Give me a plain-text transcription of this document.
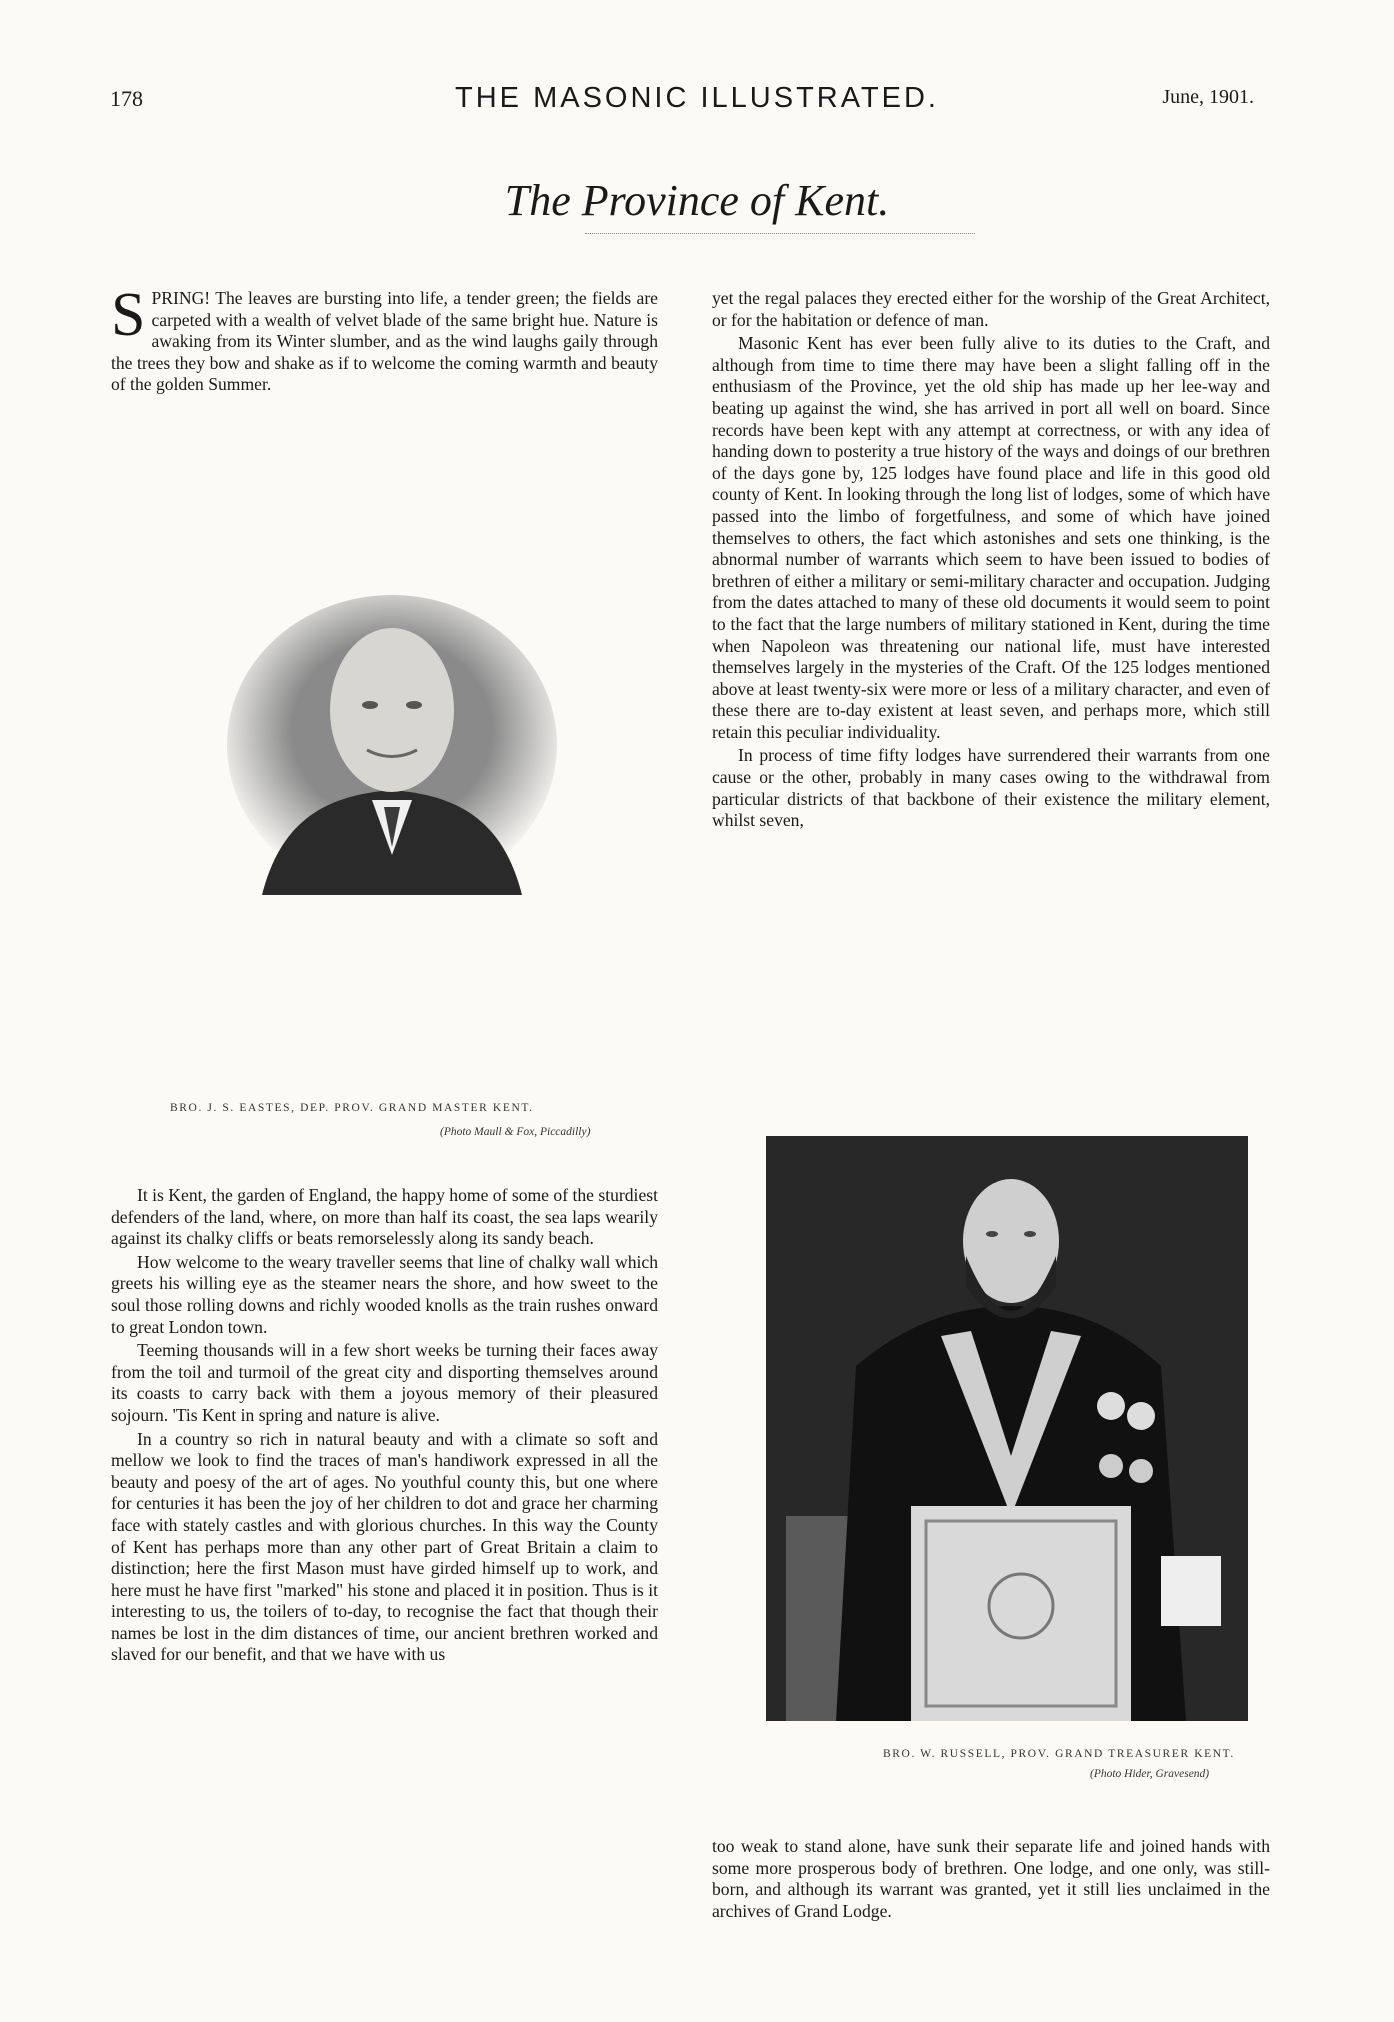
178	THE MASONIC ILLUSTRATED.	June, 1901.
The Province of Kent.

SPRING! The leaves are bursting into life, a tender green; the fields are carpeted with a wealth of velvet blade of the same bright hue. Nature is awaking from its Winter slumber, and as the wind laughs gaily through the trees they bow and shake as if to welcome the coming warmth and beauty of the golden Summer.

BRO. J. S. EASTES, DEP. PROV. GRAND MASTER KENT.
(Photo Maull & Fox, Piccadilly)

It is Kent, the garden of England, the happy home of some of the sturdiest defenders of the land, where, on more than half its coast, the sea laps wearily against its chalky cliffs or beats remorselessly along its sandy beach.

How welcome to the weary traveller seems that line of chalky wall which greets his willing eye as the steamer nears the shore, and how sweet to the soul those rolling downs and richly wooded knolls as the train rushes onward to great London town.

Teeming thousands will in a few short weeks be turning their faces away from the toil and turmoil of the great city and disporting themselves around its coasts to carry back with them a joyous memory of their pleasured sojourn. 'Tis Kent in spring and nature is alive.

In a country so rich in natural beauty and with a climate so soft and mellow we look to find the traces of man's handiwork expressed in all the beauty and poesy of the art of ages. No youthful county this, but one where for centuries it has been the joy of her children to dot and grace her charming face with stately castles and with glorious churches. In this way the County of Kent has perhaps more than any other part of Great Britain a claim to distinction; here the first Mason must have girded himself up to work, and here must he have first "marked" his stone and placed it in position. Thus is it interesting to us, the toilers of to-day, to recognise the fact that though their names be lost in the dim distances of time, our ancient brethren worked and slaved for our benefit, and that we have with us

yet the regal palaces they erected either for the worship of the Great Architect, or for the habitation or defence of man.

Masonic Kent has ever been fully alive to its duties to the Craft, and although from time to time there may have been a slight falling off in the enthusiasm of the Province, yet the old ship has made up her lee-way and beating up against the wind, she has arrived in port all well on board. Since records have been kept with any attempt at correctness, or with any idea of handing down to posterity a true history of the ways and doings of our brethren of the days gone by, 125 lodges have found place and life in this good old county of Kent. In looking through the long list of lodges, some of which have passed into the limbo of forgetfulness, and some of which have joined themselves to others, the fact which astonishes and sets one thinking, is the abnormal number of warrants which seem to have been issued to bodies of brethren of either a military or semi-military character and occupation. Judging from the dates attached to many of these old documents it would seem to point to the fact that the large numbers of military stationed in Kent, during the time when Napoleon was threatening our national life, must have interested themselves largely in the mysteries of the Craft. Of the 125 lodges mentioned above at least twenty-six were more or less of a military character, and even of these there are to-day existent at least seven, and perhaps more, which still retain this peculiar individuality.

In process of time fifty lodges have surrendered their warrants from one cause or the other, probably in many cases owing to the withdrawal from particular districts of that backbone of their existence the military element, whilst seven,

BRO. W. RUSSELL, PROV. GRAND TREASURER KENT.
(Photo Hider, Gravesend)

too weak to stand alone, have sunk their separate life and joined hands with some more prosperous body of brethren. One lodge, and one only, was still-born, and although its warrant was granted, yet it still lies unclaimed in the archives of Grand Lodge.
